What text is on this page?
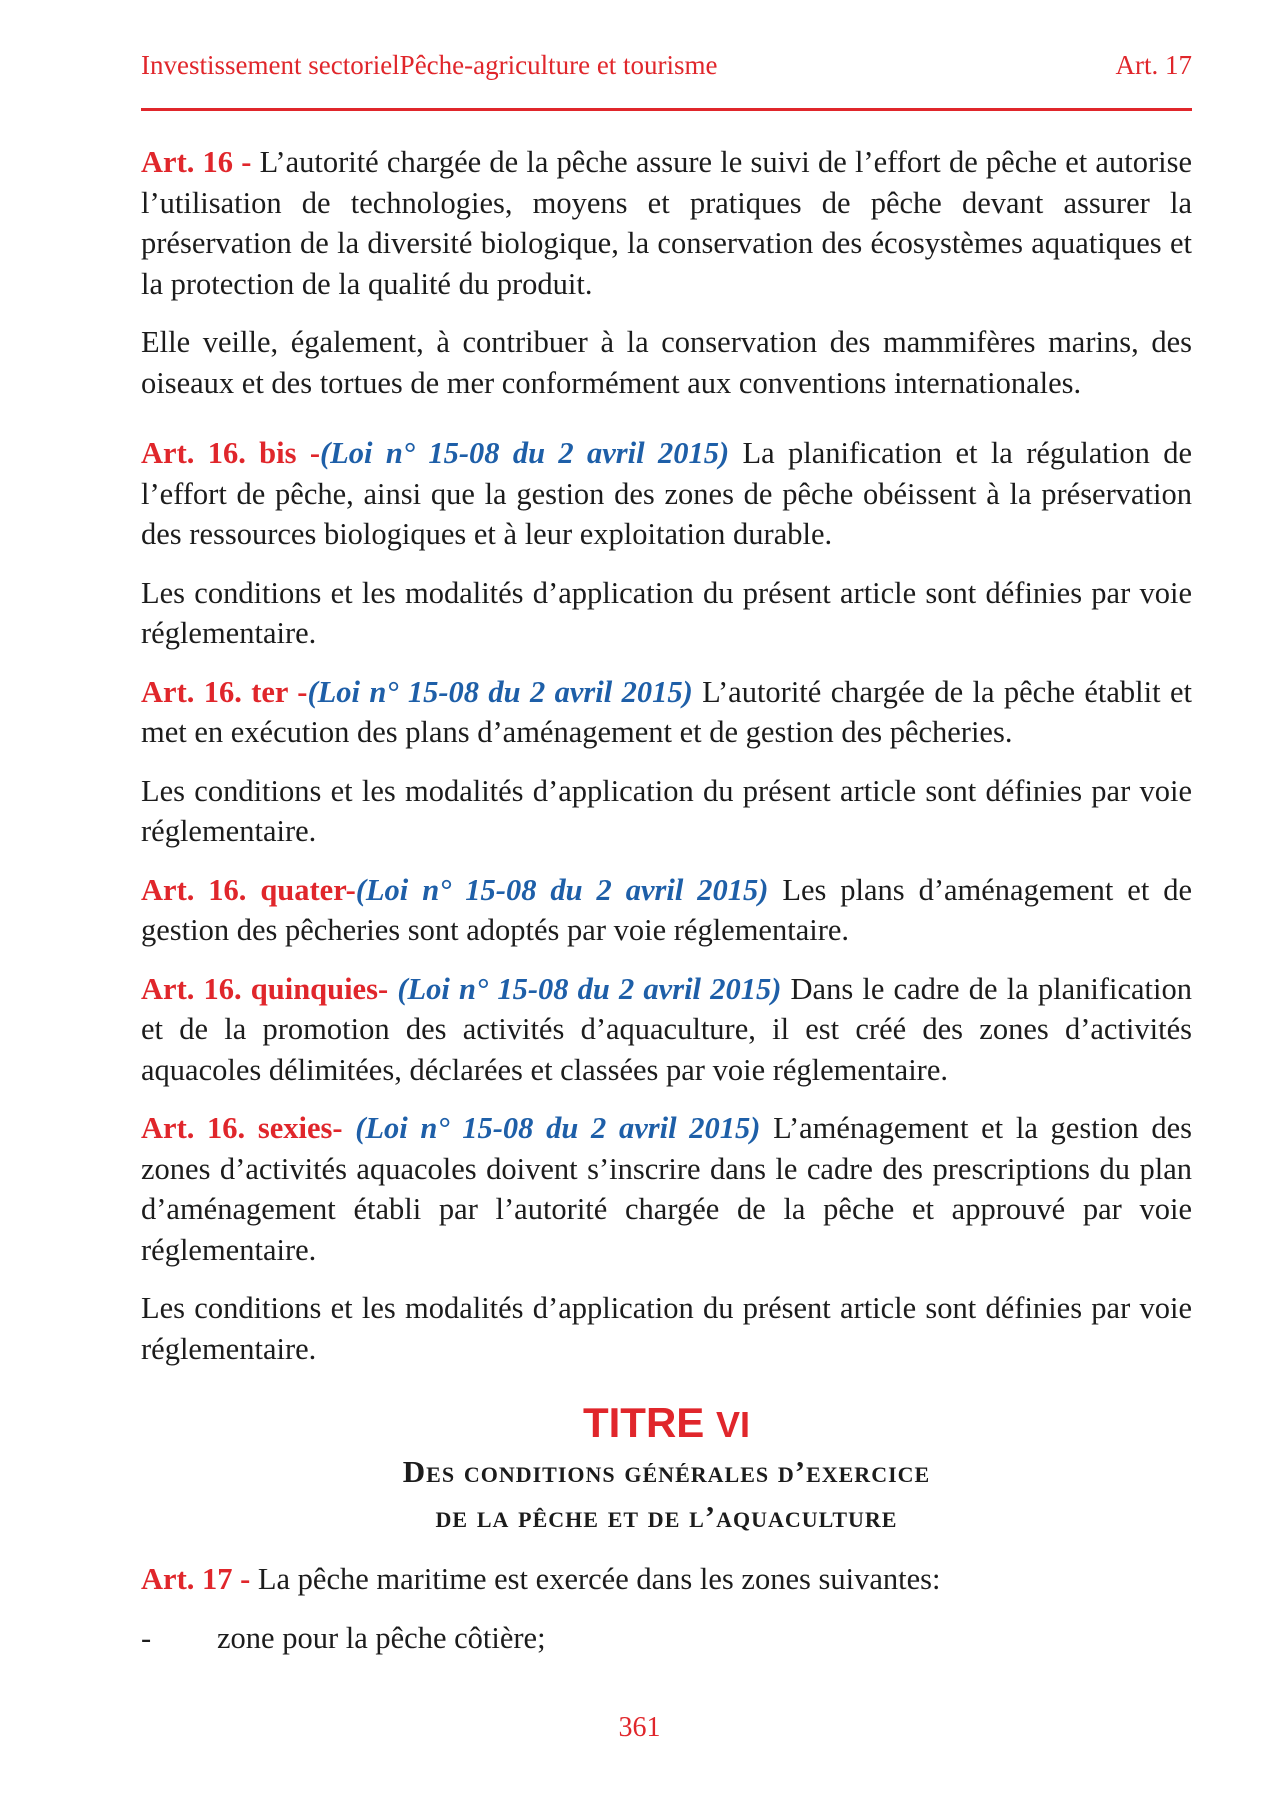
Investissement sectorielPêche-agriculture et tourisme	Art. 17

Art. 16 - L’autorité chargée de la pêche assure le suivi de l’effort de pêche et autorise l’utilisation de technologies, moyens et pratiques de pêche devant assurer la préservation de la diversité biologique, la conservation des écosystèmes aquatiques et la protection de la qualité du produit.

Elle veille, également, à contribuer à la conservation des mammifères marins, des oiseaux et des tortues de mer conformément aux conventions internationales.

Art. 16. bis -(Loi n° 15-08 du 2 avril 2015) La planification et la régulation de l’effort de pêche, ainsi que la gestion des zones de pêche obéissent à la préservation des ressources biologiques et à leur exploitation durable.

Les conditions et les modalités d’application du présent article sont définies par voie réglementaire.

Art. 16. ter -(Loi n° 15-08 du 2 avril 2015) L’autorité chargée de la pêche établit et met en exécution des plans d’aménagement et de gestion des pêcheries.

Les conditions et les modalités d’application du présent article sont définies par voie réglementaire.

Art. 16. quater-(Loi n° 15-08 du 2 avril 2015) Les plans d’aménagement et de gestion des pêcheries sont adoptés par voie réglementaire.

Art. 16. quinquies- (Loi n° 15-08 du 2 avril 2015) Dans le cadre de la planification et de la promotion des activités d’aquaculture, il est créé des zones d’activités aquacoles délimitées, déclarées et classées par voie réglementaire.

Art. 16. sexies- (Loi n° 15-08 du 2 avril 2015) L’aménagement et la gestion des zones d’activités aquacoles doivent s’inscrire dans le cadre des prescriptions du plan d’aménagement établi par l’autorité chargée de la pêche et approuvé par voie réglementaire.

Les conditions et les modalités d’application du présent article sont définies par voie réglementaire.

TITRE VI
Des conditions générales d’exercice
de la pêche et de l’aquaculture

Art. 17 - La pêche maritime est exercée dans les zones suivantes:

-	zone pour la pêche côtière;
361
